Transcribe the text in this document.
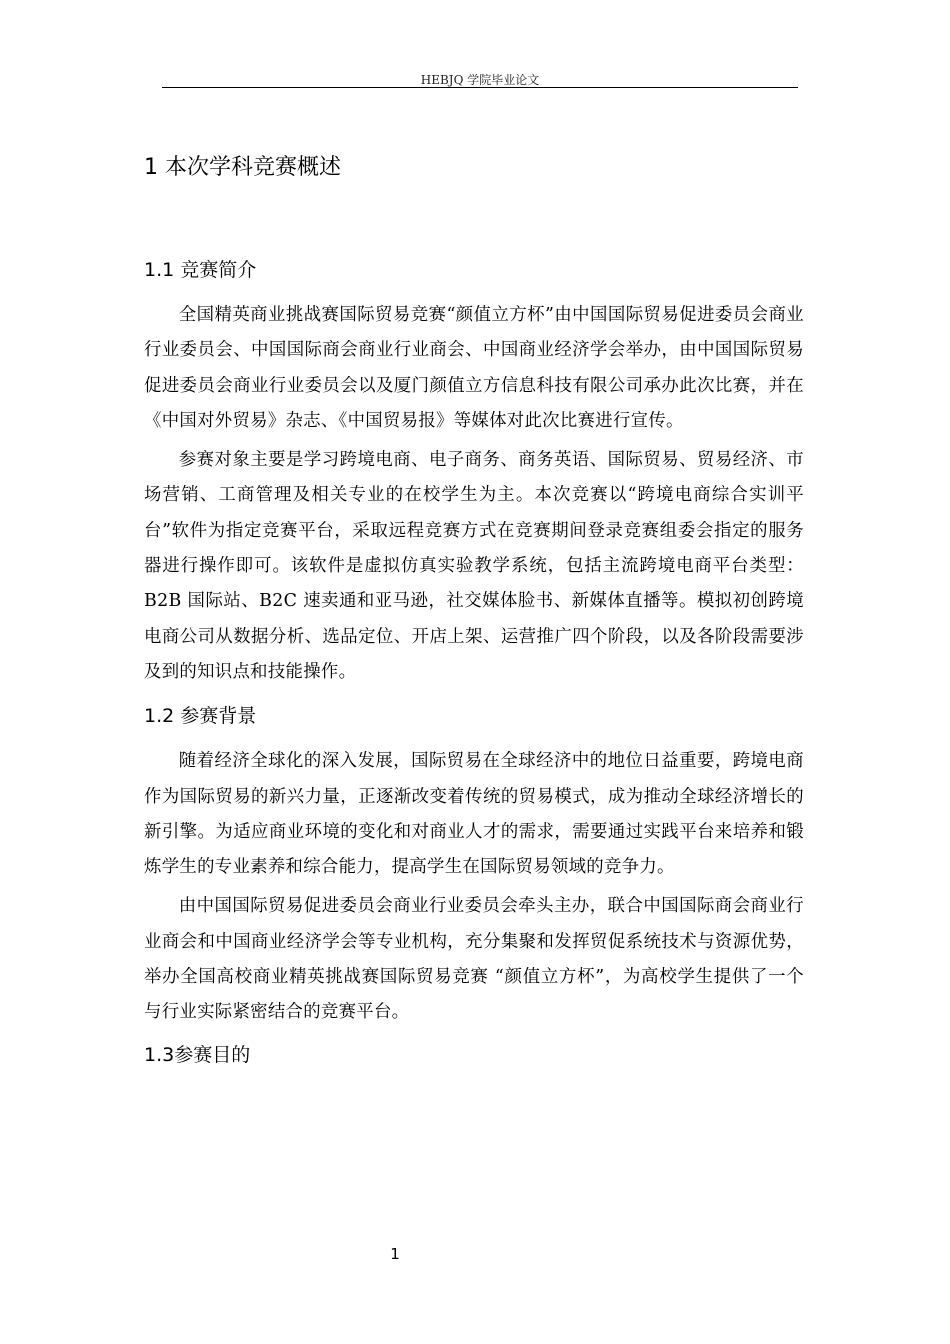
HEBJQ 学院毕业论文
1 本次学科竞赛概述
1.1 竞赛简介

全国精英商业挑战赛国际贸易竞赛“颜值立方杯”由中国国际贸易促进委员会商业行业委员会、中国国际商会商业行业商会、中国商业经济学会举办，由中国国际贸易促进委员会商业行业委员会以及厦门颜值立方信息科技有限公司承办此次比赛，并在《中国对外贸易》杂志、《中国贸易报》等媒体对此次比赛进行宣传。

参赛对象主要是学习跨境电商、电子商务、商务英语、国际贸易、贸易经济、市场营销、工商管理及相关专业的在校学生为主。本次竞赛以“跨境电商综合实训平台”软件为指定竞赛平台，采取远程竞赛方式在竞赛期间登录竞赛组委会指定的服务器进行操作即可。该软件是虚拟仿真实验教学系统，包括主流跨境电商平台类型：B2B 国际站、B2C 速卖通和亚马逊，社交媒体脸书、新媒体直播等。模拟初创跨境电商公司从数据分析、选品定位、开店上架、运营推广四个阶段，以及各阶段需要涉及到的知识点和技能操作。

1.2 参赛背景

随着经济全球化的深入发展，国际贸易在全球经济中的地位日益重要，跨境电商作为国际贸易的新兴力量，正逐渐改变着传统的贸易模式，成为推动全球经济增长的新引擎。为适应商业环境的变化和对商业人才的需求，需要通过实践平台来培养和锻炼学生的专业素养和综合能力，提高学生在国际贸易领域的竞争力。

由中国国际贸易促进委员会商业行业委员会牵头主办，联合中国国际商会商业行业商会和中国商业经济学会等专业机构，充分集聚和发挥贸促系统技术与资源优势，举办全国高校商业精英挑战赛国际贸易竞赛 “颜值立方杯”，为高校学生提供了一个与行业实际紧密结合的竞赛平台。

1.3参赛目的
1
